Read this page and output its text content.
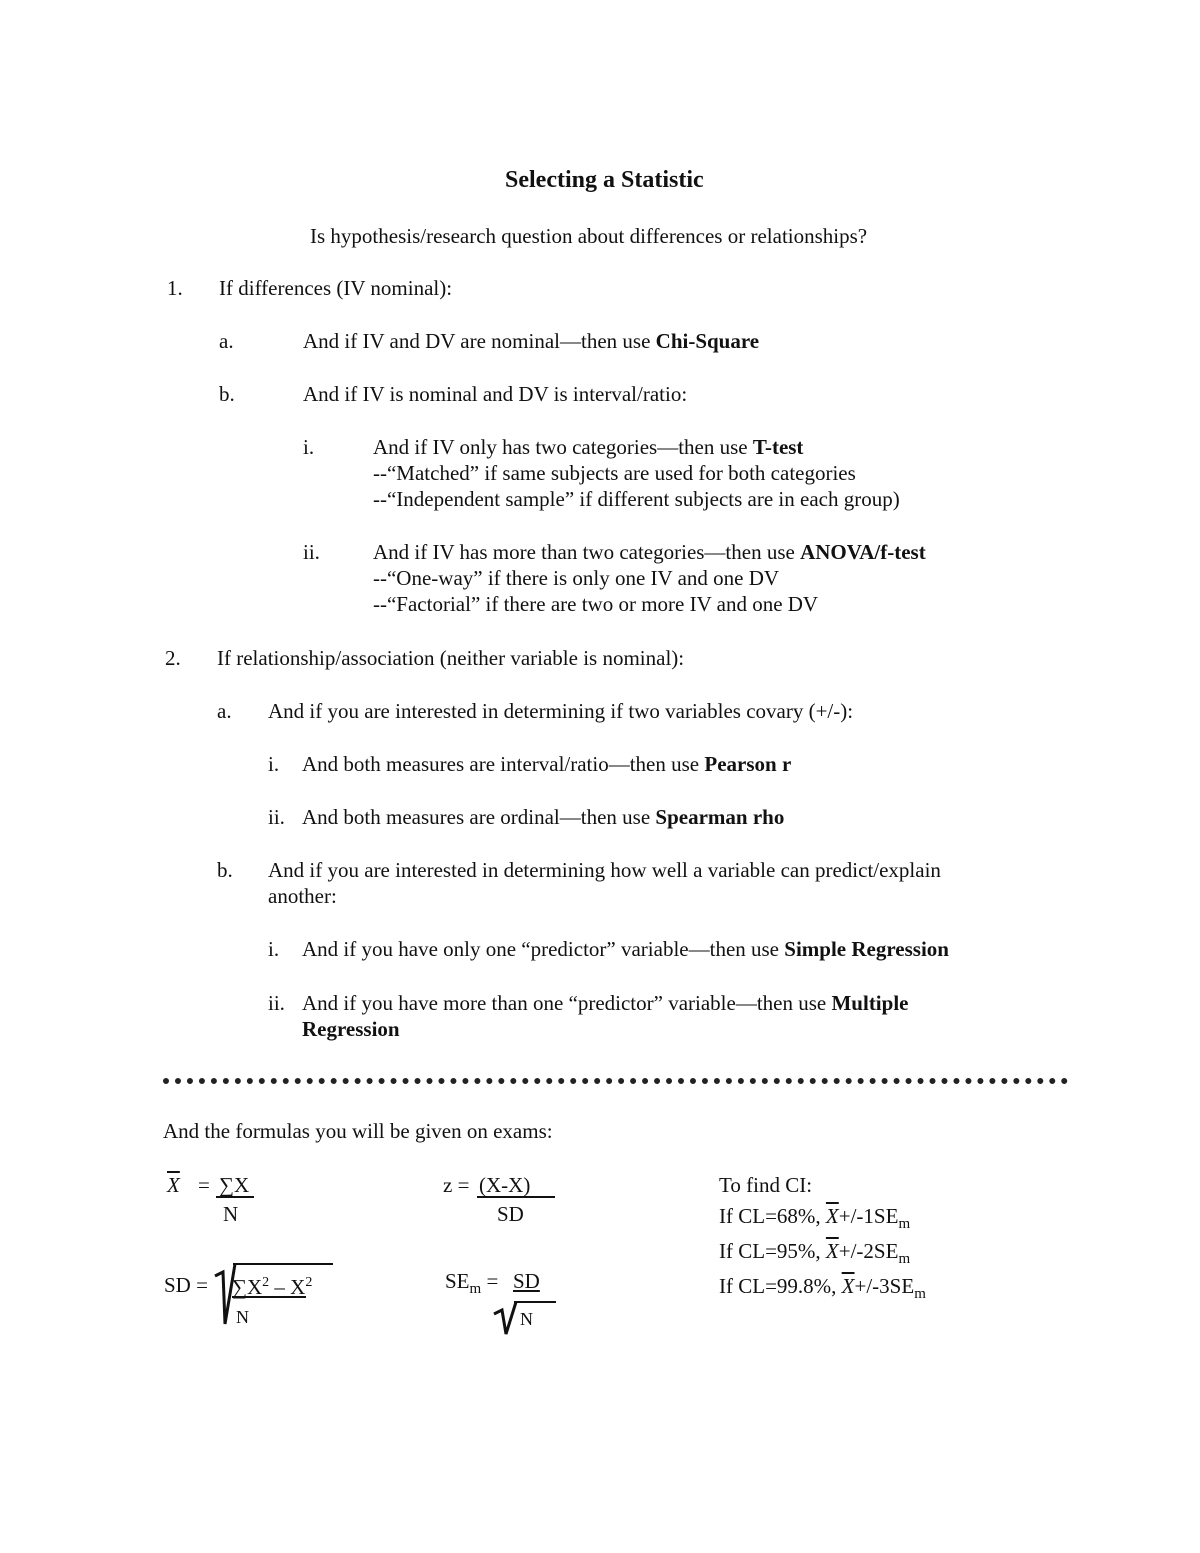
Selecting a Statistic
Is hypothesis/research question about differences or relationships?
1. If differences (IV nominal):
a.	And if IV and DV are nominal—then use Chi-Square
b.	And if IV is nominal and DV is interval/ratio:
i.	And if IV only has two categories—then use T-test
--“Matched” if same subjects are used for both categories
--“Independent sample” if different subjects are in each group)
ii.	And if IV has more than two categories—then use ANOVA/f-test
--“One-way” if there is only one IV and one DV
--“Factorial” if there are two or more IV and one DV
2. If relationship/association (neither variable is nominal):
a. And if you are interested in determining if two variables covary (+/-):
i. And both measures are interval/ratio—then use Pearson r
ii. And both measures are ordinal—then use Spearman rho
b. And if you are interested in determining how well a variable can predict/explain
another:
i. And if you have only one “predictor” variable—then use Simple Regression
ii. And if you have more than one “predictor” variable—then use Multiple
Regression
And the formulas you will be given on exams:
$\overline{X} = \sum X$
N
z = (X-X)
SD
To find CI:
If CL=68%, $\overline{X}+/-1SE_m$
If CL=95%, $\overline{X}+/-2SE_m$
If CL=99.8%, $\overline{X}+/-3SE_m$
SD = $\sum X^2 - X^2$
N
$SE_m$ = SD
N
